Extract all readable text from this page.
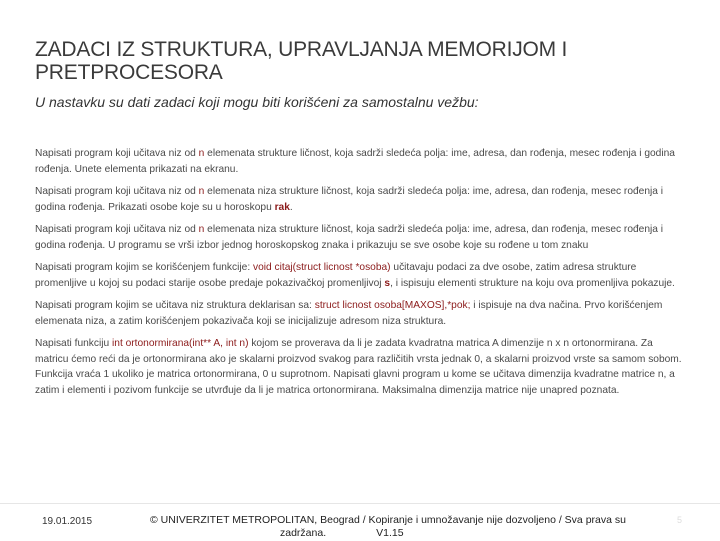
ZADACI IZ STRUKTURA, UPRAVLJANJA MEMORIJOM I PRETPROCESORA
U nastavku su dati zadaci koji mogu biti korišćeni za samostalnu vežbu:

Napisati program koji učitava niz od n elemenata strukture ličnost, koja sadrži sledeća polja: ime, adresa, dan rođenja, mesec rođenja i godina rođenja. Unete elementa prikazati na ekranu.

Napisati program koji učitava niz od n elemenata niza strukture ličnost, koja sadrži sledeća polja: ime, adresa, dan rođenja, mesec rođenja i godina rođenja. Prikazati osobe koje su u horoskopu rak.

Napisati program koji učitava niz od n elemenata niza strukture ličnost, koja sadrži sledeća polja: ime, adresa, dan rođenja, mesec rođenja i godina rođenja. U programu se vrši izbor jednog horoskopskog znaka i prikazuju se sve osobe koje su rođene u tom znaku

Napisati program kojim se korišćenjem funkcije: void citaj(struct licnost *osoba) učitavaju podaci za dve osobe, zatim adresa strukture promenljive u kojoj su podaci starije osobe predaje pokazivačkoj promenljivoj s, i ispisuju elementi strukture na koju ova promenljiva pokazuje.

Napisati program kojim se učitava niz struktura deklarisan sa: struct licnost osoba[MAXOS],*pok; i ispisuje na dva načina. Prvo korišćenjem elemenata niza, a zatim korišćenjem pokazivača koji se inicijalizuje adresom niza struktura.

Napisati funkciju int ortonormirana(int** A, int n) kojom se proverava da li je zadata kvadratna matrica A dimenzije n x n ortonormirana. Za matricu ćemo reći da je ortonormirana ako je skalarni proizvod svakog para različitih vrsta jednak 0, a skalarni proizvod vrste sa samom sobom. Funkcija vraća 1 ukoliko je matrica ortonormirana, 0 u suprotnom. Napisati glavni program u kome se učitava dimenzija kvadratne matrice n, a zatim i elementi i pozivom funkcije se utvrđuje da li je matrica ortonormirana. Maksimalna dimenzija matrice nije unapred poznata.

19.01.2015	© UNIVERZITET METROPOLITAN, Beograd / Kopiranje i umnožavanje nije dozvoljeno / Sva prava su
zadržana.	V1.15
5
